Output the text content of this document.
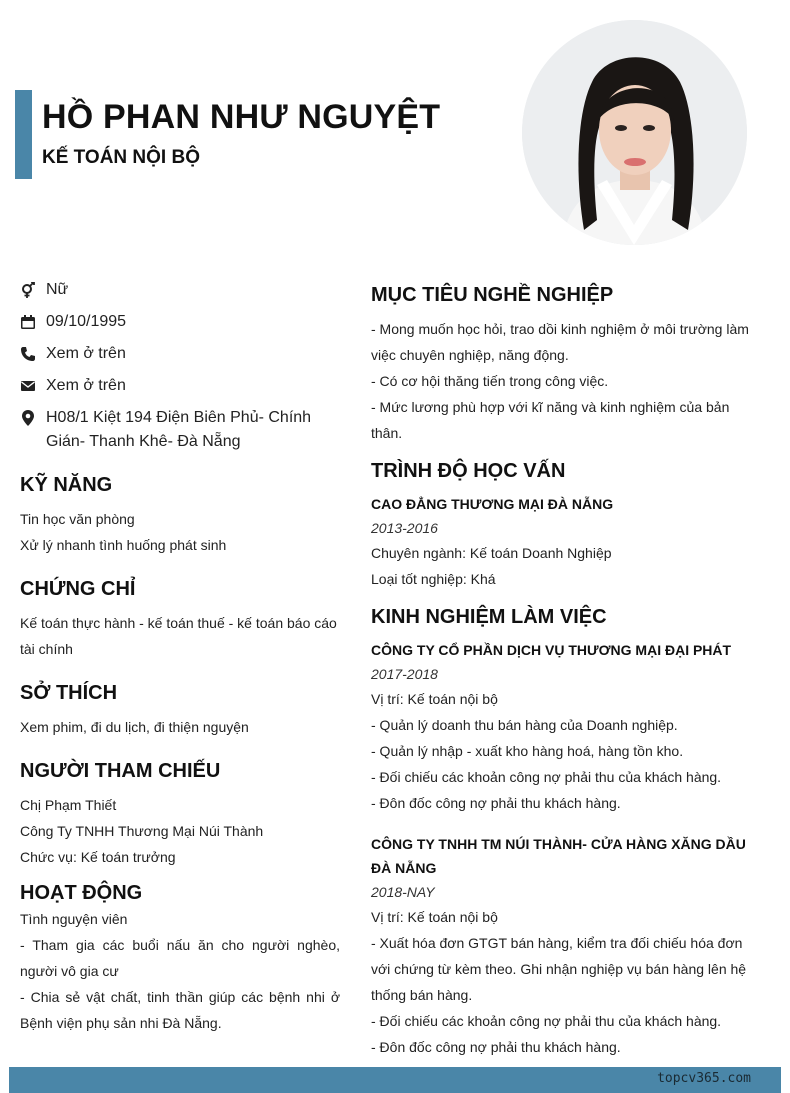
HỒ PHAN NHƯ NGUYỆT
KẾ TOÁN NỘI BỘ
Nữ
09/10/1995
Xem ở trên
Xem ở trên
H08/1 Kiệt 194 Điện Biên Phủ- Chính Gián- Thanh Khê- Đà Nẵng
KỸ NĂNG

Tin học văn phòng

Xử lý nhanh tình huống phát sinh

CHỨNG CHỈ

Kế toán thực hành - kế toán thuế - kế toán báo cáo tài chính

SỞ THÍCH

Xem phim, đi du lịch, đi thiện nguyện

NGƯỜI THAM CHIẾU

Chị Phạm Thiết

Công Ty TNHH Thương Mại Núi Thành

Chức vụ: Kế toán trưởng

HOẠT ĐỘNG

Tình nguyện viên

- Tham gia các buổi nấu ăn cho người nghèo, người vô gia cư

- Chia sẻ vật chất, tinh thần giúp các bệnh nhi ở Bệnh viện phụ sản nhi Đà Nẵng.

MỤC TIÊU NGHỀ NGHIỆP

- Mong muốn học hỏi, trao dồi kinh nghiệm ở môi trường làm việc chuyên nghiệp, năng động.

- Có cơ hội thăng tiến trong công việc.

- Mức lương phù hợp với kĩ năng và kinh nghiệm của bản thân.

TRÌNH ĐỘ HỌC VẤN

CAO ĐẲNG THƯƠNG MẠI ĐÀ NẴNG

2013-2016

Chuyên ngành: Kế toán Doanh Nghiệp

Loại tốt nghiệp: Khá

KINH NGHIỆM LÀM VIỆC

CÔNG TY CỔ PHẦN DỊCH VỤ THƯƠNG MẠI ĐẠI PHÁT

2017-2018

Vị trí: Kế toán nội bộ

- Quản lý doanh thu bán hàng của Doanh nghiệp.

- Quản lý nhập - xuất kho hàng hoá, hàng tồn kho.

- Đối chiếu các khoản công nợ phải thu của khách hàng.

- Đôn đốc công nợ phải thu khách hàng.

CÔNG TY TNHH TM NÚI THÀNH- CỬA HÀNG XĂNG DẦU ĐÀ NẴNG

2018-NAY

Vị trí: Kế toán nội bộ

- Xuất hóa đơn GTGT bán hàng, kiểm tra đối chiếu hóa đơn với chứng từ kèm theo. Ghi nhận nghiệp vụ bán hàng lên hệ thống bán hàng.

- Đối chiếu các khoản công nợ phải thu của khách hàng.

- Đôn đốc công nợ phải thu khách hàng.

topcv365.com
